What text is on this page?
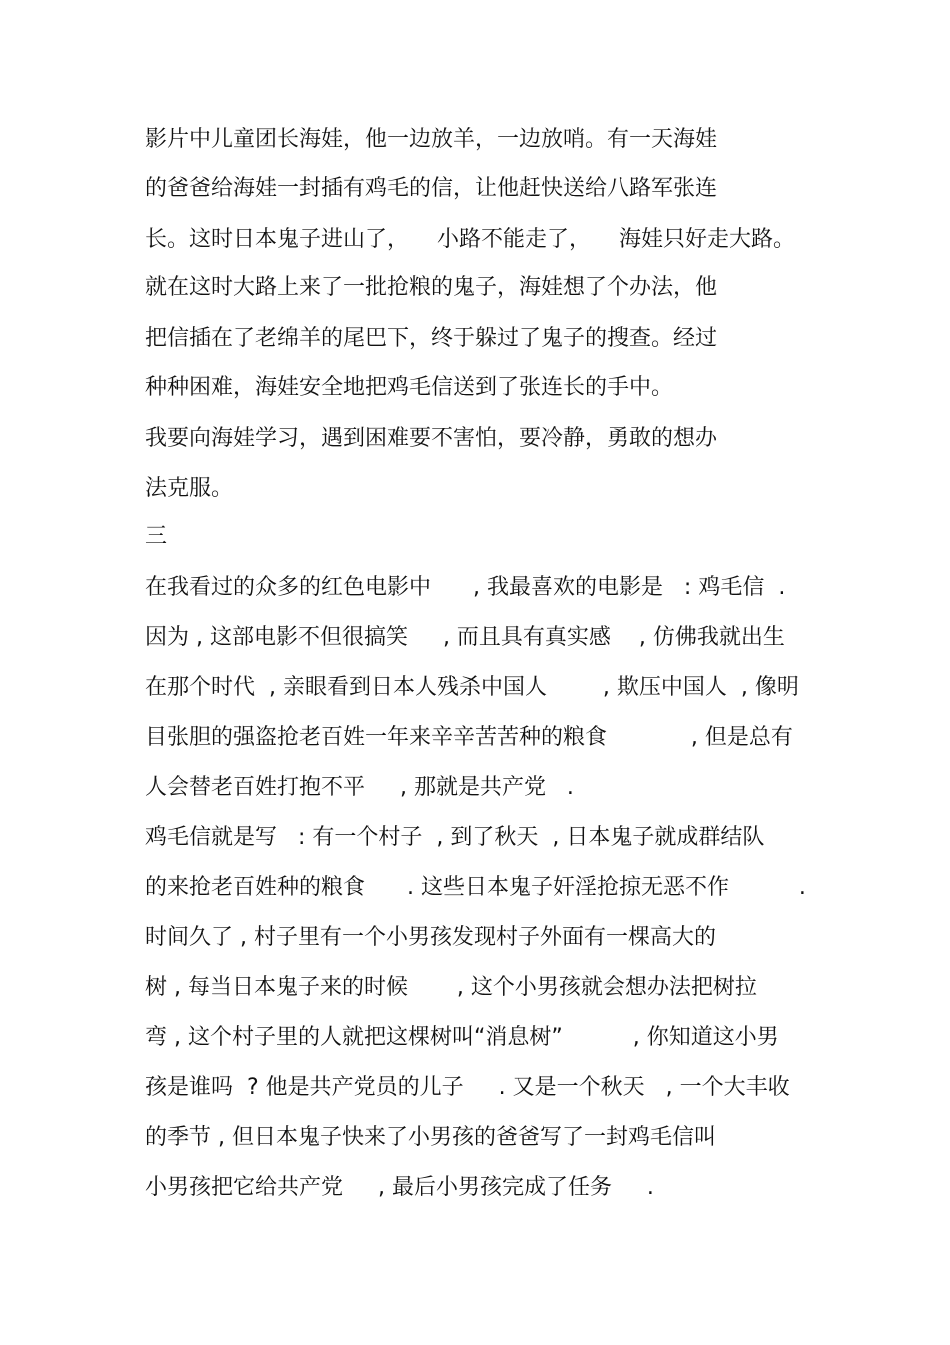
影片中儿童团长海娃，他一边放羊，一边放哨。有一天海娃
的爸爸给海娃一封插有鸡毛的信，让他赶快送给八路军张连
长。这时日本鬼子进山了，    小路不能走了，    海娃只好走大路。
就在这时大路上来了一批抢粮的鬼子，海娃想了个办法，他
把信插在了老绵羊的尾巴下，终于躲过了鬼子的搜查。经过
种种困难，海娃安全地把鸡毛信送到了张连长的手中。
我要向海娃学习，遇到困难要不害怕，要冷静，勇敢的想办
法克服。
三
在我看过的众多的红色电影中      , 我最喜欢的电影是   : 鸡毛信  .
因为 , 这部电影不但很搞笑     , 而且具有真实感    , 仿佛我就出生
在那个时代  , 亲眼看到日本人残杀中国人        , 欺压中国人  , 像明
目张胆的强盗抢老百姓一年来辛辛苦苦种的粮食            , 但是总有
人会替老百姓打抱不平     , 那就是共产党   .
鸡毛信就是写   : 有一个村子  , 到了秋天  , 日本鬼子就成群结队
的来抢老百姓种的粮食      . 这些日本鬼子奸淫抢掠无恶不作          .
时间久了 , 村子里有一个小男孩发现村子外面有一棵高大的
树 , 每当日本鬼子来的时候       , 这个小男孩就会想办法把树拉
弯 , 这个村子里的人就把这棵树叫“消息树”          , 你知道这小男
孩是谁吗  ? 他是共产党员的儿子     . 又是一个秋天   , 一个大丰收
的季节 , 但日本鬼子快来了小男孩的爸爸写了一封鸡毛信叫
小男孩把它给共产党     , 最后小男孩完成了任务     .
